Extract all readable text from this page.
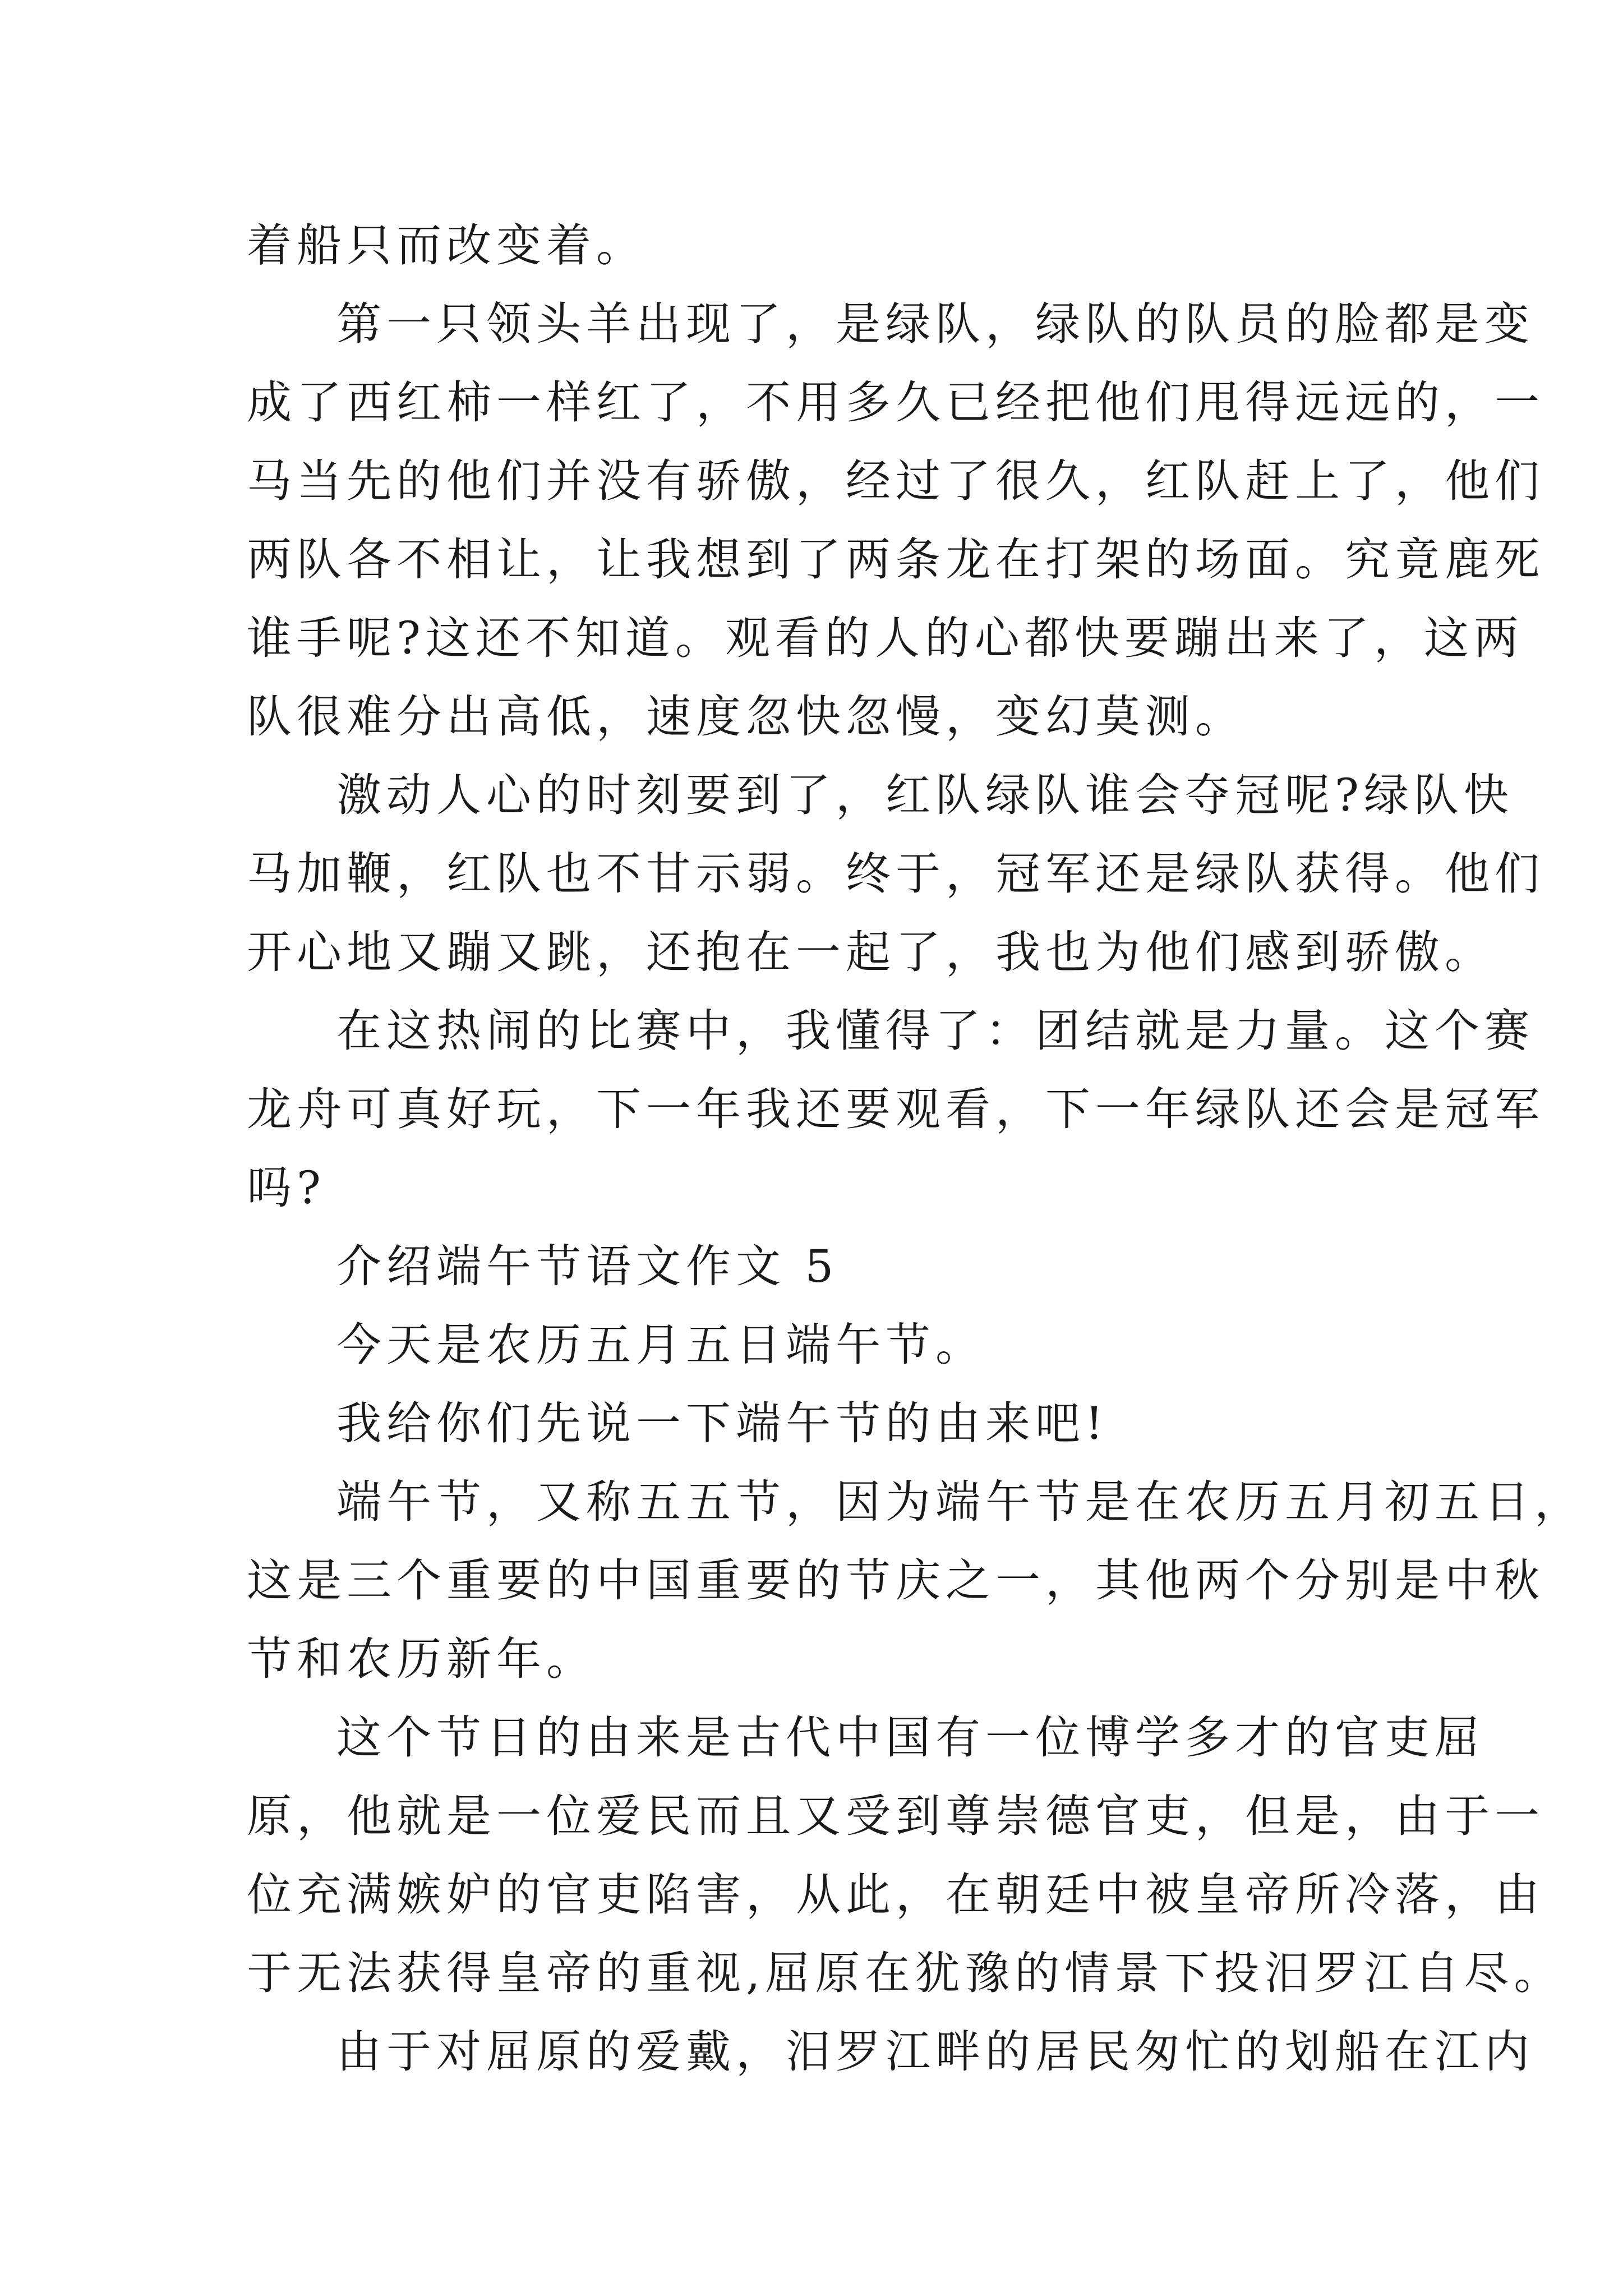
着船只而改变着。
第一只领头羊出现了，是绿队，绿队的队员的脸都是变
成了西红柿一样红了，不用多久已经把他们甩得远远的，一
马当先的他们并没有骄傲，经过了很久，红队赶上了，他们
两队各不相让，让我想到了两条龙在打架的场面。究竟鹿死
谁手呢?这还不知道。观看的人的心都快要蹦出来了，这两
队很难分出高低，速度忽快忽慢，变幻莫测。
激动人心的时刻要到了，红队绿队谁会夺冠呢?绿队快
马加鞭，红队也不甘示弱。终于，冠军还是绿队获得。他们
开心地又蹦又跳，还抱在一起了，我也为他们感到骄傲。
在这热闹的比赛中，我懂得了：团结就是力量。这个赛
龙舟可真好玩，下一年我还要观看，下一年绿队还会是冠军
吗?
介绍端午节语文作文 5
今天是农历五月五日端午节。
我给你们先说一下端午节的由来吧!
端午节，又称五五节，因为端午节是在农历五月初五日，
这是三个重要的中国重要的节庆之一，其他两个分别是中秋
节和农历新年。
这个节日的由来是古代中国有一位博学多才的官吏屈
原，他就是一位爱民而且又受到尊崇德官吏，但是，由于一
位充满嫉妒的官吏陷害，从此，在朝廷中被皇帝所冷落，由
于无法获得皇帝的重视,屈原在犹豫的情景下投汨罗江自尽。
由于对屈原的爱戴，汨罗江畔的居民匆忙的划船在江内
